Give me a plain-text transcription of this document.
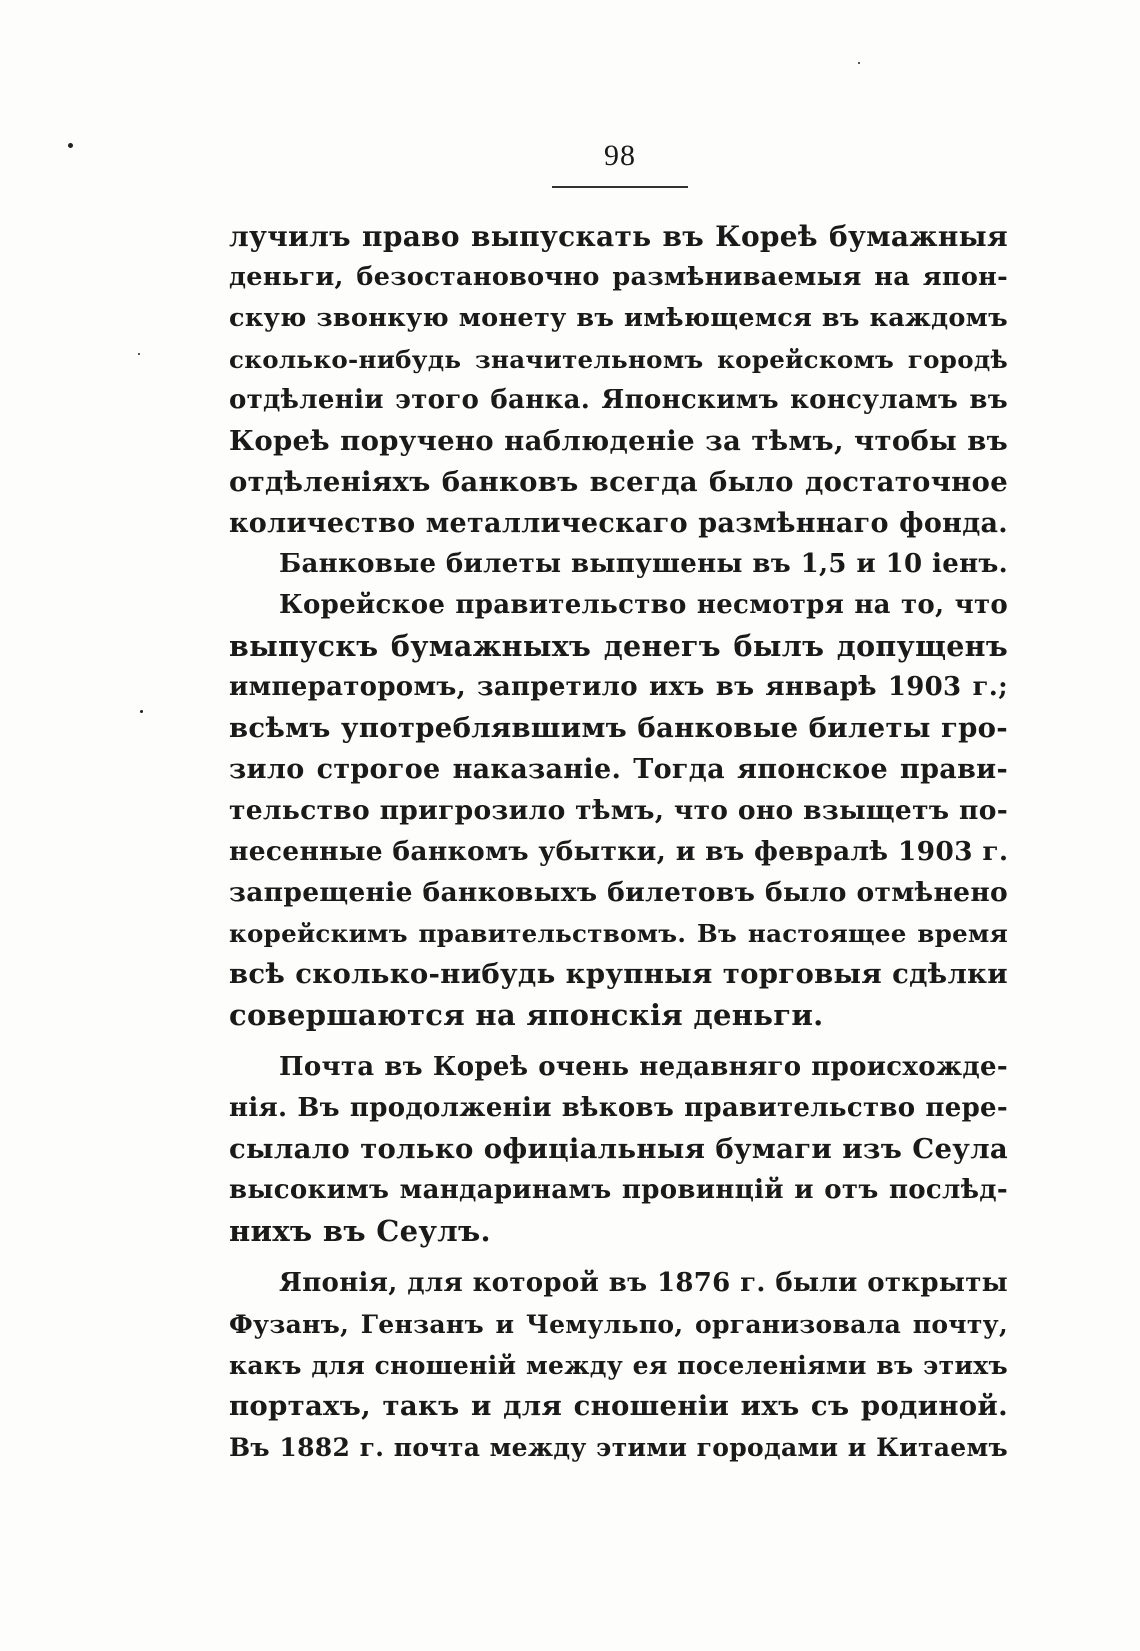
98
лучилъ право выпускать въ Кореѣ бумажныя
деньги, безостановочно размѣниваемыя на япон-
скую звонкую монету въ имѣющемся въ каждомъ
сколько-нибудь значительномъ корейскомъ городѣ
отдѣленіи этого банка. Японскимъ консуламъ въ
Кореѣ поручено наблюденіе за тѣмъ, чтобы въ
отдѣленіяхъ банковъ всегда было достаточное
количество металлическаго размѣннаго фонда.
Банковые билеты выпушены въ 1,5 и 10 іенъ.
Корейское правительство несмотря на то, что
выпускъ бумажныхъ денегъ былъ допущенъ
императоромъ, запретило ихъ въ январѣ 1903 г.;
всѣмъ употреблявшимъ банковые билеты гро-
зило строгое наказаніе. Тогда японское прави-
тельство пригрозило тѣмъ, что оно взыщетъ по-
несенные банкомъ убытки, и въ февралѣ 1903 г.
запрещеніе банковыхъ билетовъ было отмѣнено
корейскимъ правительствомъ. Въ настоящее время
всѣ сколько-нибудь крупныя торговыя сдѣлки
совершаются на японскія деньги.
Почта въ Кореѣ очень недавняго происхожде-
нія. Въ продолженіи вѣковъ правительство пере-
сылало только офиціальныя бумаги изъ Сеула
высокимъ мандаринамъ провинцій и отъ послѣд-
нихъ въ Сеулъ.
Японія, для которой въ 1876 г. были открыты
Фузанъ, Гензанъ и Чемульпо, организовала почту,
какъ для сношеній между ея поселеніями въ этихъ
портахъ, такъ и для сношеніи ихъ съ родиной.
Въ 1882 г. почта между этими городами и Китаемъ
